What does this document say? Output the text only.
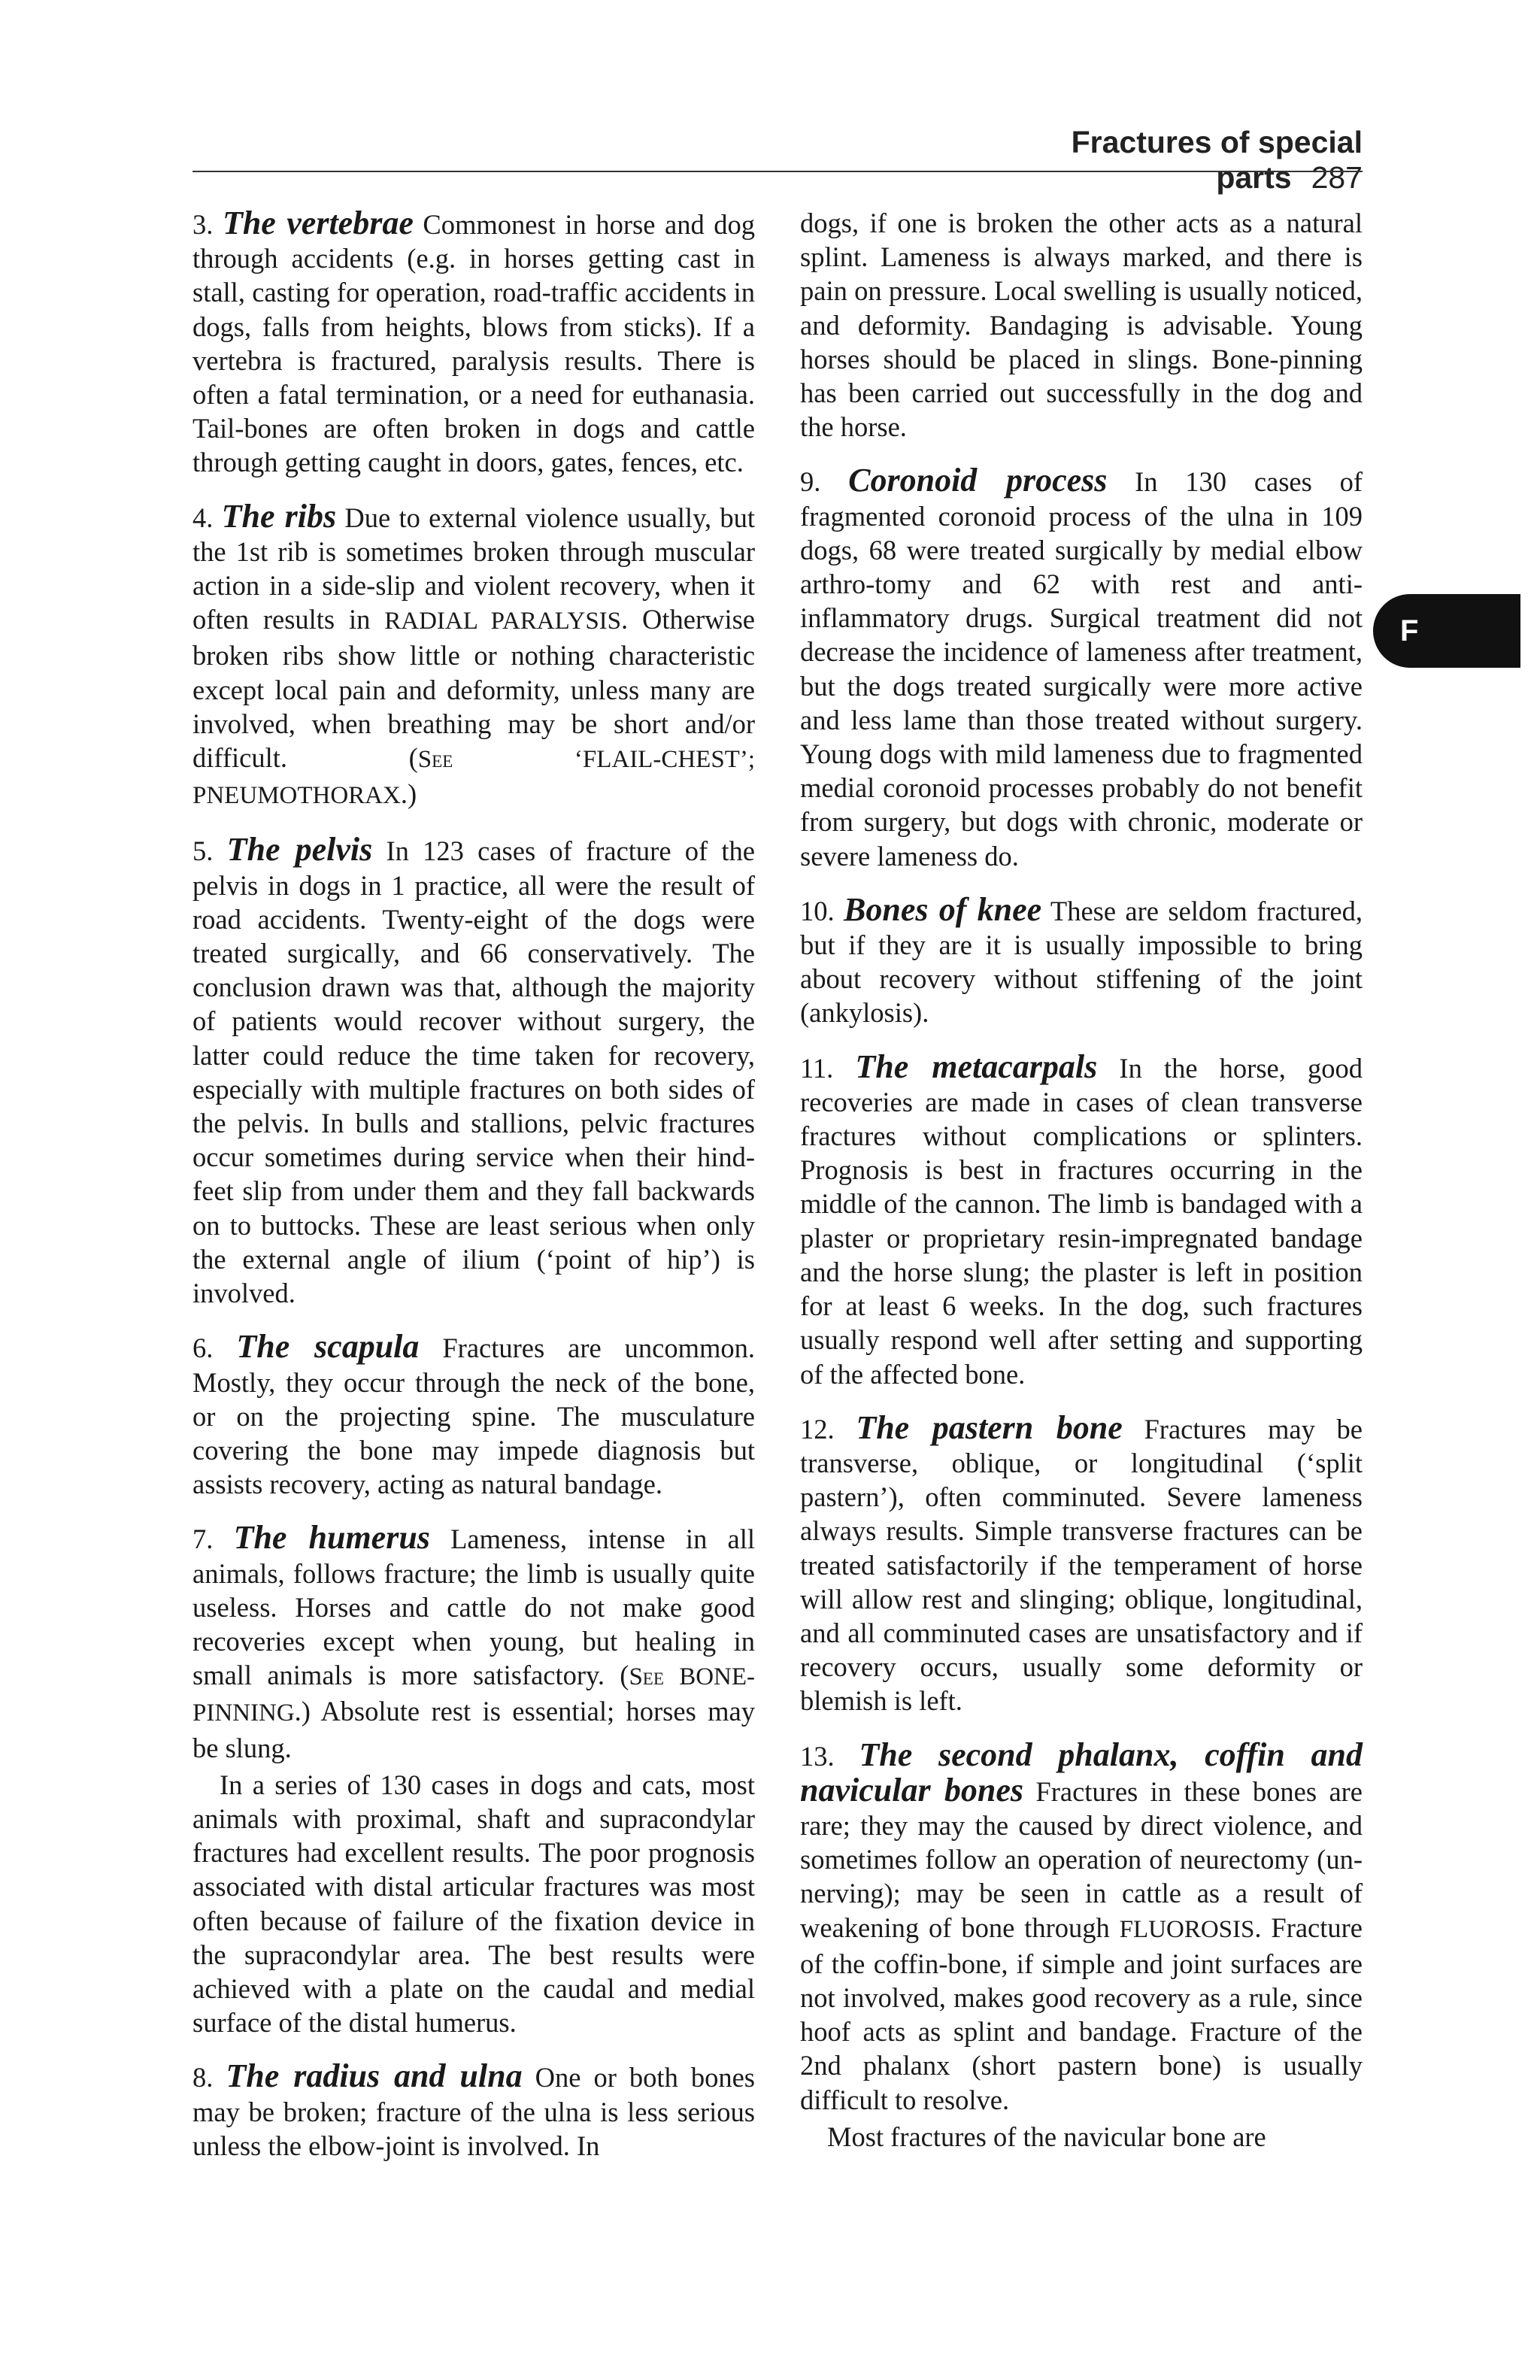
Fractures of special parts 287
F

3. The vertebrae Commonest in horse and dog through accidents (e.g. in horses getting cast in stall, casting for operation, road-traffic accidents in dogs, falls from heights, blows from sticks). If a vertebra is fractured, paralysis results. There is often a fatal termination, or a need for euthanasia. Tail-bones are often broken in dogs and cattle through getting caught in doors, gates, fences, etc.

4. The ribs Due to external violence usually, but the 1st rib is sometimes broken through muscular action in a side-slip and violent recovery, when it often results in RADIAL PARALYSIS. Otherwise broken ribs show little or nothing characteristic except local pain and deformity, unless many are involved, when breathing may be short and/or difficult. (See	‘FLAIL-CHEST’; PNEUMOTHORAX.)

5. The pelvis In 123 cases of fracture of the pelvis in dogs in 1 practice, all were the result of road accidents. Twenty-eight of the dogs were treated surgically, and 66 conservatively. The conclusion drawn was that, although the majority of patients would recover without surgery, the latter could reduce the time taken for recovery, especially with multiple fractures on both sides of the pelvis. In bulls and stallions, pelvic fractures occur sometimes during service when their hind-feet slip from under them and they fall backwards on to buttocks. These are least serious when only the external angle of ilium (‘point of hip’) is involved.

6. The scapula Fractures are uncommon. Mostly, they occur through the neck of the bone, or on the projecting spine. The musculature covering the bone may impede diagnosis but assists recovery, acting as natural bandage.

7. The humerus Lameness, intense in all animals, follows fracture; the limb is usually quite useless. Horses and cattle do not make good recoveries except when young, but healing in small animals is more satisfactory. (See BONE-PINNING.) Absolute rest is essential; horses may be slung.

In a series of 130 cases in dogs and cats, most animals with proximal, shaft and supracondylar fractures had excellent results. The poor prognosis associated with distal articular fractures was most often because of failure of the fixation device in the supracondylar area. The best results were achieved with a plate on the caudal and medial surface of the distal humerus.

8. The radius and ulna One or both bones may be broken; fracture of the ulna is less serious unless the elbow-joint is involved. In

dogs, if one is broken the other acts as a natural splint. Lameness is always marked, and there is pain on pressure. Local swelling is usually noticed, and deformity. Bandaging is advisable. Young horses should be placed in slings. Bone-pinning has been carried out successfully in the dog and the horse.

9. Coronoid process In 130 cases of fragmented coronoid process of the ulna in 109 dogs, 68 were treated surgically by medial elbow arthro-tomy and 62 with rest and anti-inflammatory drugs. Surgical treatment did not decrease the incidence of lameness after treatment, but the dogs treated surgically were more active and less lame than those treated without surgery. Young dogs with mild lameness due to fragmented medial coronoid processes probably do not benefit from surgery, but dogs with chronic, moderate or severe lameness do.

10. Bones of knee These are seldom fractured, but if they are it is usually impossible to bring about recovery without stiffening of the joint (ankylosis).

11. The metacarpals In the horse, good recoveries are made in cases of clean transverse fractures without complications or splinters. Prognosis is best in fractures occurring in the middle of the cannon. The limb is bandaged with a plaster or proprietary resin-impregnated bandage and the horse slung; the plaster is left in position for at least 6 weeks. In the dog, such fractures usually respond well after setting and supporting of the affected bone.

12. The pastern bone Fractures may be transverse, oblique, or longitudinal (‘split pastern’), often comminuted. Severe lameness always results. Simple transverse fractures can be treated satisfactorily if the temperament of horse will allow rest and slinging; oblique, longitudinal, and all comminuted cases are unsatisfactory and if recovery occurs, usually some deformity or blemish is left.

13. The second phalanx, coffin and navicular bones Fractures in these bones are rare; they may the caused by direct violence, and sometimes follow an operation of neurectomy (un-nerving); may be seen in cattle as a result of weakening of bone through FLUOROSIS. Fracture of the coffin-bone, if simple and joint surfaces are not involved, makes good recovery as a rule, since hoof acts as splint and bandage. Fracture of the 2nd phalanx (short pastern bone) is usually difficult to resolve.

Most fractures of the navicular bone are
